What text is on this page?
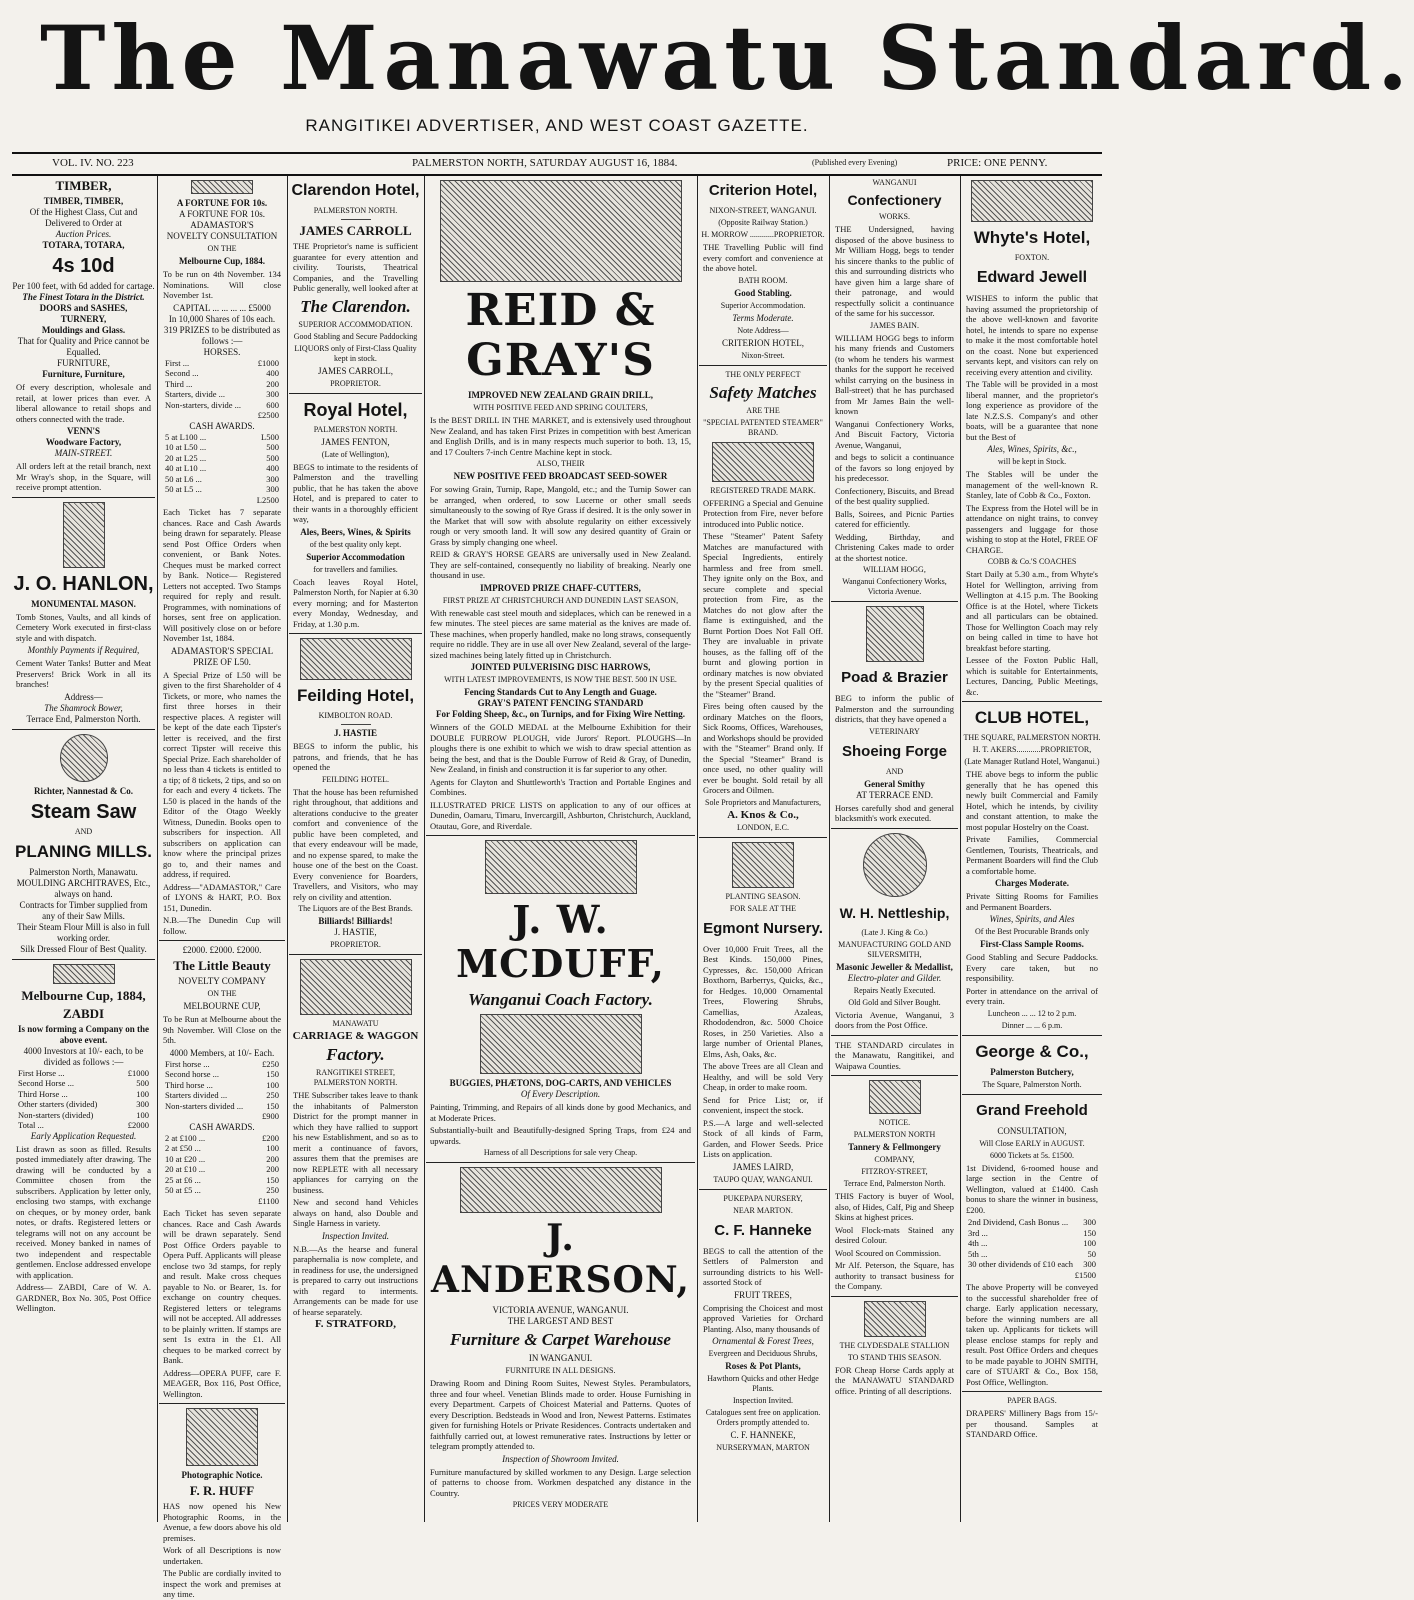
The Manawatu Standard.
RANGITIKEI ADVERTISER, AND WEST COAST GAZETTE.
VOL. IV. NO. 223	PALMERSTON NORTH, SATURDAY AUGUST 16, 1884.	(Published every Evening)	PRICE: ONE PENNY.
TIMBER,
TIMBER, TIMBER,
Of the Highest Class, Cut and Delivered to Order at
Auction Prices.
TOTARA, TOTARA,
4s 10d
Per 100 feet, with 6d added for cartage.
The Finest Totara in the District.
DOORS and SASHES,
TURNERY,
Mouldings and Glass.
That for Quality and Price cannot be Equalled.
FURNITURE,
Furniture, Furniture,
Of every description, wholesale and retail, at lower prices than ever. A liberal allowance to retail shops and others connected with the trade.
VENN'S
Woodware Factory,
MAIN-STREET.
All orders left at the retail branch, next Mr Wray's shop, in the Square, will receive prompt attention.
J. O. HANLON,
MONUMENTAL MASON.
Tomb Stones, Vaults, and all kinds of Cemetery Work executed in first-class style and with dispatch.
Monthly Payments if Required,
Cement Water Tanks! Butter and Meat Preservers! Brick Work in all its branches!
Address—
The Shamrock Bower,
Terrace End, Palmerston North.
Richter, Nannestad & Co.
Steam Saw
AND
PLANING MILLS.
Palmerston North, Manawatu.
MOULDING ARCHITRAVES, Etc., always on hand.
Contracts for Timber supplied from any of their Saw Mills.
Their Steam Flour Mill is also in full working order.
Silk Dressed Flour of Best Quality.
Melbourne Cup, 1884,
ZABDI
Is now forming a Company on the above event.
4000 Investors at 10/- each, to be divided as follows :—
First Horse ...	£1000
Second Horse ...	500
Third Horse ...	100
Other starters (divided)	300
Non-starters (divided)	100
Total ...	£2000
Early Application Requested.
List drawn as soon as filled. Results posted immediately after drawing. The drawing will be conducted by a Committee chosen from the subscribers. Application by letter only, enclosing two stamps, with exchange on cheques, or by money order, bank notes, or drafts. Registered letters or telegrams will not on any account be received. Money banked in names of two independent and respectable gentlemen. Enclose addressed envelope with application.
Address— ZABDI, Care of W. A. GARDNER, Box No. 305, Post Office Wellington.
A FORTUNE FOR 10s.
A FORTUNE FOR 10s.
ADAMASTOR'S
NOVELTY CONSULTATION
ON THE
Melbourne Cup, 1884.
To be run on 4th November. 134 Nominations. Will close November 1st.
CAPITAL ... ... ... ... £5000
In 10,000 Shares of 10s each.
319 PRIZES to be distributed as follows :—
HORSES.
First ...	£1000
Second ...	400
Third ...	200
Starters, divide ...	300
Non-starters, divide ...	600
£2500
CASH AWARDS.
5 at L100 ...	L500
10 at L50 ...	500
20 at L25 ...	500
40 at L10 ...	400
50 at L6 ...	300
50 at L5 ...	300
L2500
Each Ticket has 7 separate chances. Race and Cash Awards being drawn for separately. Please send Post Office Orders when convenient, or Bank Notes. Cheques must be marked correct by Bank. Notice— Registered Letters not accepted. Two Stamps required for reply and result. Programmes, with nominations of horses, sent free on application. Will positively close on or before November 1st, 1884.
ADAMASTOR'S SPECIAL PRIZE OF L50.
A Special Prize of L50 will be given to the first Shareholder of 4 Tickets, or more, who names the first three horses in their respective places. A register will be kept of the date each Tipster's letter is received, and the first correct Tipster will receive this Special Prize. Each shareholder of no less than 4 tickets is entitled to a tip; of 8 tickets, 2 tips, and so on for each and every 4 tickets. The L50 is placed in the hands of the Editor of the Otago Weekly Witness, Dunedin. Books open to subscribers for inspection. All subscribers on application can know where the principal prizes go to, and their names and address, if required.
Address—"ADAMASTOR," Care of LYONS & HART, P.O. Box 151, Dunedin.
N.B.—The Dunedin Cup will follow.
£2000. £2000. £2000.
The Little Beauty
NOVELTY COMPANY
ON THE
MELBOURNE CUP,
To be Run at Melbourne about the 9th November. Will Close on the 5th.
4000 Members, at 10/- Each.
First horse ...	£250
Second horse ...	150
Third horse ...	100
Starters divided ...	250
Non-starters divided ...	150
£900
CASH AWARDS.
2 at £100 ...	£200
2 at £50 ...	100
10 at £20 ...	200
20 at £10 ...	200
25 at £6 ...	150
50 at £5 ...	250
£1100
Each Ticket has seven separate chances. Race and Cash Awards will be drawn separately. Send Post Office Orders payable to Opera Puff. Applicants will please enclose two 3d stamps, for reply and result. Make cross cheques payable to No. or Bearer, 1s. for exchange on country cheques. Registered letters or telegrams will not be accepted. All addresses to be plainly written. If stamps are sent 1s extra in the £1. All cheques to be marked correct by Bank.
Address—OPERA PUFF, care F. MEAGER, Box 116, Post Office, Wellington.
Photographic Notice.
F. R. HUFF
HAS now opened his New Photographic Rooms, in the Avenue, a few doors above his old premises.
Work of all Descriptions is now undertaken.
The Public are cordially invited to inspect the work and premises at any time.
Clarendon Hotel,
PALMERSTON NORTH.
JAMES CARROLL
THE Proprietor's name is sufficient guarantee for every attention and civility. Tourists, Theatrical Companies, and the Travelling Public generally, well looked after at
The Clarendon.
SUPERIOR ACCOMMODATION.
Good Stabling and Secure Paddocking
LIQUORS only of First-Class Quality kept in stock.
JAMES CARROLL,
PROPRIETOR.
Royal Hotel,
PALMERSTON NORTH.
JAMES FENTON,
(Late of Wellington),
BEGS to intimate to the residents of Palmerston and the travelling public, that he has taken the above Hotel, and is prepared to cater to their wants in a thoroughly efficient way,
Ales, Beers, Wines, & Spirits
of the best quality only kept.
Superior Accommodation
for travellers and families.
Coach leaves Royal Hotel, Palmerston North, for Napier at 6.30 every morning; and for Masterton every Monday, Wednesday, and Friday, at 1.30 p.m.
Feilding Hotel,
KIMBOLTON ROAD.
J. HASTIE
BEGS to inform the public, his patrons, and friends, that he has opened the
FEILDING HOTEL.
That the house has been refurnished right throughout, that additions and alterations conducive to the greater comfort and convenience of the public have been completed, and that every endeavour will be made, and no expense spared, to make the house one of the best on the Coast. Every convenience for Boarders, Travellers, and Visitors, who may rely on civility and attention.
The Liquors are of the Best Brands.
Billiards! Billiards!
J. HASTIE,
PROPRIETOR.
MANAWATU
CARRIAGE & WAGGON
Factory.
RANGITIKEI STREET, PALMERSTON NORTH.
THE Subscriber takes leave to thank the inhabitants of Palmerston District for the prompt manner in which they have rallied to support his new Establishment, and so as to merit a continuance of favors, assures them that the premises are now REPLETE with all necessary appliances for carrying on the business.
New and second hand Vehicles always on hand, also Double and Single Harness in variety.
Inspection Invited.
N.B.—As the hearse and funeral paraphernalia is now complete, and in readiness for use, the undersigned is prepared to carry out instructions with regard to interments. Arrangements can be made for use of hearse separately.
F. STRATFORD,
REID & GRAY'S
IMPROVED NEW ZEALAND GRAIN DRILL,
WITH POSITIVE FEED AND SPRING COULTERS,
Is the BEST DRILL IN THE MARKET, and is extensively used throughout New Zealand, and has taken First Prizes in competition with best American and English Drills, and is in many respects much superior to both. 13, 15, and 17 Coulters 7-inch Centre Machine kept in stock.
ALSO, THEIR
NEW POSITIVE FEED BROADCAST SEED-SOWER
For sowing Grain, Turnip, Rape, Mangold, etc.; and the Turnip Sower can be arranged, when ordered, to sow Lucerne or other small seeds simultaneously to the sowing of Rye Grass if desired. It is the only sower in the Market that will sow with absolute regularity on either excessively rough or very smooth land. It will sow any desired quantity of Grain or Grass by simply changing one wheel.
REID & GRAY'S HORSE GEARS are universally used in New Zealand. They are self-contained, consequently no liability of breaking. Nearly one thousand in use.
IMPROVED PRIZE CHAFF-CUTTERS,
FIRST PRIZE AT CHRISTCHURCH AND DUNEDIN LAST SEASON,
With renewable cast steel mouth and sideplaces, which can be renewed in a few minutes. The steel pieces are same material as the knives are made of. These machines, when properly handled, make no long straws, consequently require no riddle. They are in use all over New Zealand, several of the large-sized machines being lately fitted up in Christchurch.
JOINTED PULVERISING DISC HARROWS,
WITH LATEST IMPROVEMENTS, IS NOW THE BEST. 500 IN USE.
Fencing Standards Cut to Any Length and Guage.
GRAY'S PATENT FENCING STANDARD
For Folding Sheep, &c., on Turnips, and for Fixing Wire Netting.
Winners of the GOLD MEDAL at the Melbourne Exhibition for their DOUBLE FURROW PLOUGH, vide Jurors' Report. PLOUGHS—In ploughs there is one exhibit to which we wish to draw special attention as being the best, and that is the Double Furrow of Reid & Gray, of Dunedin, New Zealand, in finish and construction it is far superior to any other.
Agents for Clayton and Shuttleworth's Traction and Portable Engines and Combines.
ILLUSTRATED PRICE LISTS on application to any of our offices at Dunedin, Oamaru, Timaru, Invercargill, Ashburton, Christchurch, Auckland, Otautau, Gore, and Riverdale.
J. W. MCDUFF,
Wanganui Coach Factory.
BUGGIES, PHÆTONS, DOG-CARTS, AND VEHICLES
Of Every Description.
Painting, Trimming, and Repairs of all kinds done by good Mechanics, and at Moderate Prices.
Substantially-built and Beautifully-designed Spring Traps, from £24 and upwards.
Harness of all Descriptions for sale very Cheap.
J. ANDERSON,
VICTORIA AVENUE, WANGANUI.
THE LARGEST AND BEST
Furniture & Carpet Warehouse
IN WANGANUI.
FURNITURE IN ALL DESIGNS.
Drawing Room and Dining Room Suites, Newest Styles. Perambulators, three and four wheel. Venetian Blinds made to order. House Furnishing in every Department. Carpets of Choicest Material and Patterns. Quotes of every Description. Bedsteads in Wood and Iron, Newest Patterns. Estimates given for furnishing Hotels or Private Residences. Contracts undertaken and faithfully carried out, at lowest remunerative rates. Instructions by letter or telegram promptly attended to.
Inspection of Showroom Invited.
Furniture manufactured by skilled workmen to any Design. Large selection of patterns to choose from. Workmen despatched any distance in the Country.
PRICES VERY MODERATE
Criterion Hotel,
NIXON-STREET, WANGANUI.
(Opposite Railway Station.)
H. MORROW ............PROPRIETOR.
THE Travelling Public will find every comfort and convenience at the above hotel.
BATH ROOM.
Good Stabling.
Superior Accommodation.
Terms Moderate.
Note Address—
CRITERION HOTEL,
Nixon-Street.
THE ONLY PERFECT
Safety Matches
ARE THE
"SPECIAL PATENTED STEAMER" BRAND.
REGISTERED TRADE MARK.
OFFERING a Special and Genuine Protection from Fire, never before introduced into Public notice.
These "Steamer" Patent Safety Matches are manufactured with Special Ingredients, entirely harmless and free from smell. They ignite only on the Box, and secure complete and special protection from Fire, as the Matches do not glow after the flame is extinguished, and the Burnt Portion Does Not Fall Off. They are invaluable in private houses, as the falling off of the burnt and glowing portion in ordinary matches is now obviated by the present Special qualities of the "Steamer" Brand.
Fires being often caused by the ordinary Matches on the floors, Sick Rooms, Offices, Warehouses, and Workshops should be provided with the "Steamer" Brand only. If the Special "Steamer" Brand is once used, no other quality will ever be bought. Sold retail by all Grocers and Oilmen.
Sole Proprietors and Manufacturers,
A. Knos & Co.,
LONDON, E.C.
PLANTING SEASON.
FOR SALE AT THE
Egmont Nursery.
Over 10,000 Fruit Trees, all the Best Kinds. 150,000 Pines, Cypresses, &c. 150,000 African Boxthorn, Barberrys, Quicks, &c., for Hedges. 10,000 Ornamental Trees, Flowering Shrubs, Camellias, Azaleas, Rhododendron, &c. 5000 Choice Roses, in 250 Varieties. Also a large number of Oriental Planes, Elms, Ash, Oaks, &c.
The above Trees are all Clean and Healthy, and will be sold Very Cheap, in order to make room.
Send for Price List; or, if convenient, inspect the stock.
P.S.—A large and well-selected Stock of all kinds of Farm, Garden, and Flower Seeds. Price Lists on application.
JAMES LAIRD,
TAUPO QUAY, WANGANUI.
PUKEPAPA NURSERY,
NEAR MARTON.
C. F. Hanneke
BEGS to call the attention of the Settlers of Palmerston and surrounding districts to his Well-assorted Stock of
FRUIT TREES,
Comprising the Choicest and most approved Varieties for Orchard Planting. Also, many thousands of
Ornamental & Forest Trees,
Evergreen and Deciduous Shrubs,
Roses & Pot Plants,
Hawthorn Quicks and other Hedge Plants.
Inspection Invited.
Catalogues sent free on application. Orders promptly attended to.
C. F. HANNEKE,
NURSERYMAN, MARTON
WANGANUI
Confectionery
WORKS.
THE Undersigned, having disposed of the above business to Mr William Hogg, begs to tender his sincere thanks to the public of this and surrounding districts who have given him a large share of their patronage, and would respectfully solicit a continuance of the same for his successor.
JAMES BAIN.
WILLIAM HOGG begs to inform his many friends and Customers (to whom he tenders his warmest thanks for the support he received whilst carrying on the business in Ball-street) that he has purchased from Mr James Bain the well-known
Wanganui Confectionery Works, And Biscuit Factory, Victoria Avenue, Wanganui,
and begs to solicit a continuance of the favors so long enjoyed by his predecessor.
Confectionery, Biscuits, and Bread of the best quality supplied.
Balls, Soirees, and Picnic Parties catered for efficiently.
Wedding, Birthday, and Christening Cakes made to order at the shortest notice.
WILLIAM HOGG,
Wanganui Confectionery Works, Victoria Avenue.
Poad & Brazier
BEG to inform the public of Palmerston and the surrounding districts, that they have opened a
VETERINARY
Shoeing Forge
AND
General Smithy
AT TERRACE END.
Horses carefully shod and general blacksmith's work executed.
W. H. Nettleship,
(Late J. King & Co.)
MANUFACTURING GOLD AND SILVERSMITH,
Masonic Jeweller & Medallist,
Electro-plater and Gilder.
Repairs Neatly Executed.
Old Gold and Silver Bought.
Victoria Avenue, Wanganui, 3 doors from the Post Office.
THE STANDARD circulates in the Manawatu, Rangitikei, and Waipawa Counties.
NOTICE.
PALMERSTON NORTH
Tannery & Fellmongery
COMPANY,
FITZROY-STREET,
Terrace End, Palmerston North.
THIS Factory is buyer of Wool, also, of Hides, Calf, Pig and Sheep Skins at highest prices.
Wool Flock-mats Stained any desired Colour.
Wool Scoured on Commission.
Mr Alf. Peterson, the Square, has authority to transact business for the Company.
THE CLYDESDALE STALLION
TO STAND THIS SEASON.
FOR Cheap Horse Cards apply at the MANAWATU STANDARD office. Printing of all descriptions.
Whyte's Hotel,
FOXTON.
Edward Jewell
WISHES to inform the public that having assumed the proprietorship of the above well-known and favorite hotel, he intends to spare no expense to make it the most comfortable hotel on the coast. None but experienced servants kept, and visitors can rely on receiving every attention and civility.
The Table will be provided in a most liberal manner, and the proprietor's long experience as providore of the late N.Z.S.S. Company's and other boats, will be a guarantee that none but the Best of
Ales, Wines, Spirits, &c.,
will be kept in Stock.
The Stables will be under the management of the well-known R. Stanley, late of Cobb & Co., Foxton.
The Express from the Hotel will be in attendance on night trains, to convey passengers and luggage for those wishing to stop at the Hotel, FREE OF CHARGE.
COBB & Co.'S COACHES
Start Daily at 5.30 a.m., from Whyte's Hotel for Wellington, arriving from Wellington at 4.15 p.m. The Booking Office is at the Hotel, where Tickets and all particulars can be obtained. Those for Wellington Coach may rely on being called in time to have hot breakfast before starting.
Lessee of the Foxton Public Hall, which is suitable for Entertainments, Lectures, Dancing, Public Meetings, &c.
CLUB HOTEL,
THE SQUARE, PALMERSTON NORTH.
H. T. AKERS............PROPRIETOR,
(Late Manager Rutland Hotel, Wanganui.)
THE above begs to inform the public generally that he has opened this newly built Commercial and Family Hotel, which he intends, by civility and constant attention, to make the most popular Hostelry on the Coast.
Private Families, Commercial Gentlemen, Tourists, Theatricals, and Permanent Boarders will find the Club a comfortable home.
Charges Moderate.
Private Sitting Rooms for Families and Permanent Boarders.
Wines, Spirits, and Ales
Of the Best Procurable Brands only
First-Class Sample Rooms.
Good Stabling and Secure Paddocks. Every care taken, but no responsibility.
Porter in attendance on the arrival of every train.
Luncheon ... ... 12 to 2 p.m.
Dinner ... ... 6 p.m.
George & Co.,
Palmerston Butchery,
The Square, Palmerston North.
Grand Freehold
CONSULTATION,
Will Close EARLY in AUGUST.
6000 Tickets at 5s. £1500.
1st Dividend, 6-roomed house and large section in the Centre of Wellington, valued at £1400. Cash bonus to share the winner in business, £200.
2nd Dividend, Cash Bonus ... 300
3rd ...	150
4th ...	100
5th ...	50
30 other dividends of £10 each 300
£1500
The above Property will be conveyed to the successful shareholder free of charge. Early application necessary, before the winning numbers are all taken up. Applicants for tickets will please enclose stamps for reply and result. Post Office Orders and cheques to be made payable to JOHN SMITH, care of STUART & Co., Box 158, Post Office, Wellington.
PAPER BAGS.
DRAPERS' Millinery Bags from 15/- per thousand. Samples at STANDARD Office.
